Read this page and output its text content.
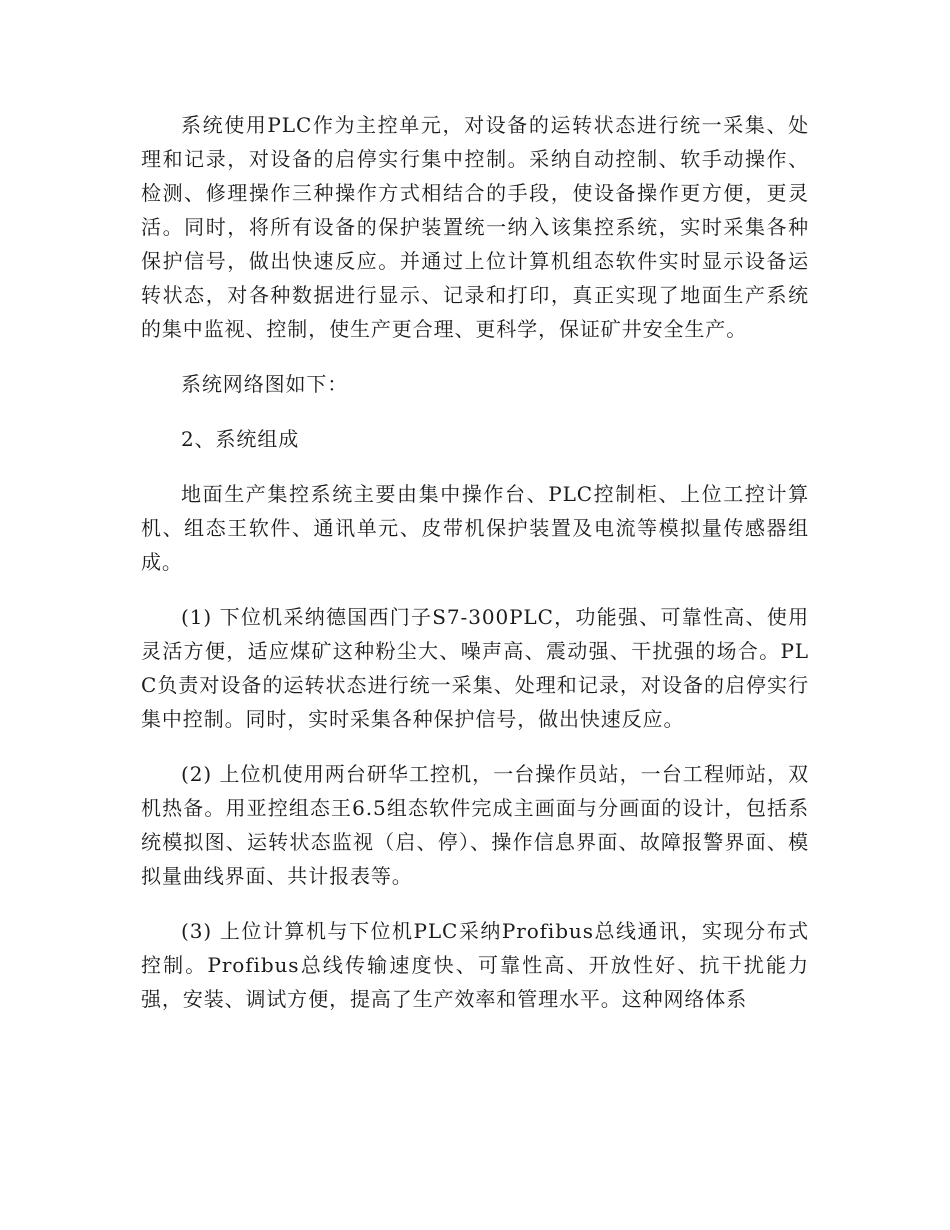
系统使用PLC作为主控单元，对设备的运转状态进行统一采集、处理和记录，对设备的启停实行集中控制。采纳自动控制、软手动操作、检测、修理操作三种操作方式相结合的手段，使设备操作更方便，更灵活。同时，将所有设备的保护装置统一纳入该集控系统，实时采集各种保护信号，做出快速反应。并通过上位计算机组态软件实时显示设备运转状态，对各种数据进行显示、记录和打印，真正实现了地面生产系统的集中监视、控制，使生产更合理、更科学，保证矿井安全生产。

系统网络图如下：

2、系统组成

地面生产集控系统主要由集中操作台、PLC控制柜、上位工控计算机、组态王软件、通讯单元、皮带机保护装置及电流等模拟量传感器组成。

(1) 下位机采纳德国西门子S7-300PLC，功能强、可靠性高、使用灵活方便，适应煤矿这种粉尘大、噪声高、震动强、干扰强的场合。PLC负责对设备的运转状态进行统一采集、处理和记录，对设备的启停实行集中控制。同时，实时采集各种保护信号，做出快速反应。

(2) 上位机使用两台研华工控机，一台操作员站，一台工程师站，双机热备。用亚控组态王6.5组态软件完成主画面与分画面的设计，包括系统模拟图、运转状态监视（启、停）、操作信息界面、故障报警界面、模拟量曲线界面、共计报表等。

(3) 上位计算机与下位机PLC采纳Profibus总线通讯，实现分布式控制。Profibus总线传输速度快、可靠性高、开放性好、抗干扰能力强，安装、调试方便，提高了生产效率和管理水平。这种网络体系
